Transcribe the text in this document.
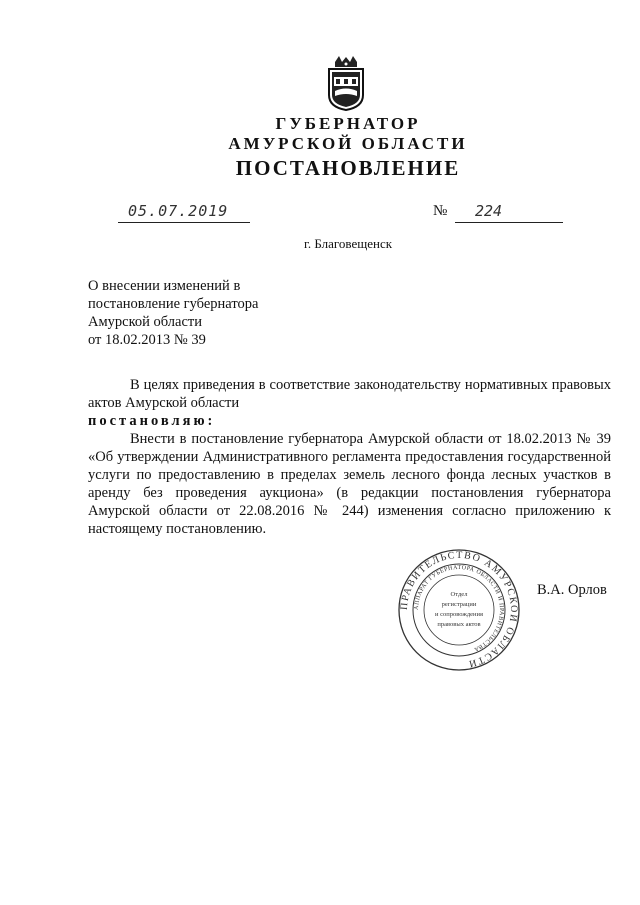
ГУБЕРНАТОР
АМУРСКОЙ ОБЛАСТИ
ПОСТАНОВЛЕНИЕ
05.07.2019	№ 224
г. Благовещенск
О внесении изменений в
постановление губернатора
Амурской области
от 18.02.2013 № 39

В целях приведения в соответствие законодательству нормативных правовых актов Амурской области

постановляю:

Внести в постановление губернатора Амурской области от 18.02.2013 № 39 «Об утверждении Административного регламента предоставления государственной услуги по предоставлению в пределах земель лесного фонда лесных участков в аренду без проведения аукциона» (в редакции постановления губернатора Амурской области от 22.08.2016 № 244) изменения согласно приложению к настоящему постановлению.

ПРАВИТЕЛЬСТВО АМУРСКОЙ ОБЛАСТИ
АППАРАТ ГУБЕРНАТОРА ОБЛАСТИ И ПРАВИТЕЛЬСТВА
Отдел
регистрации
и сопровождения
правовых актов
В.А. Орлов
